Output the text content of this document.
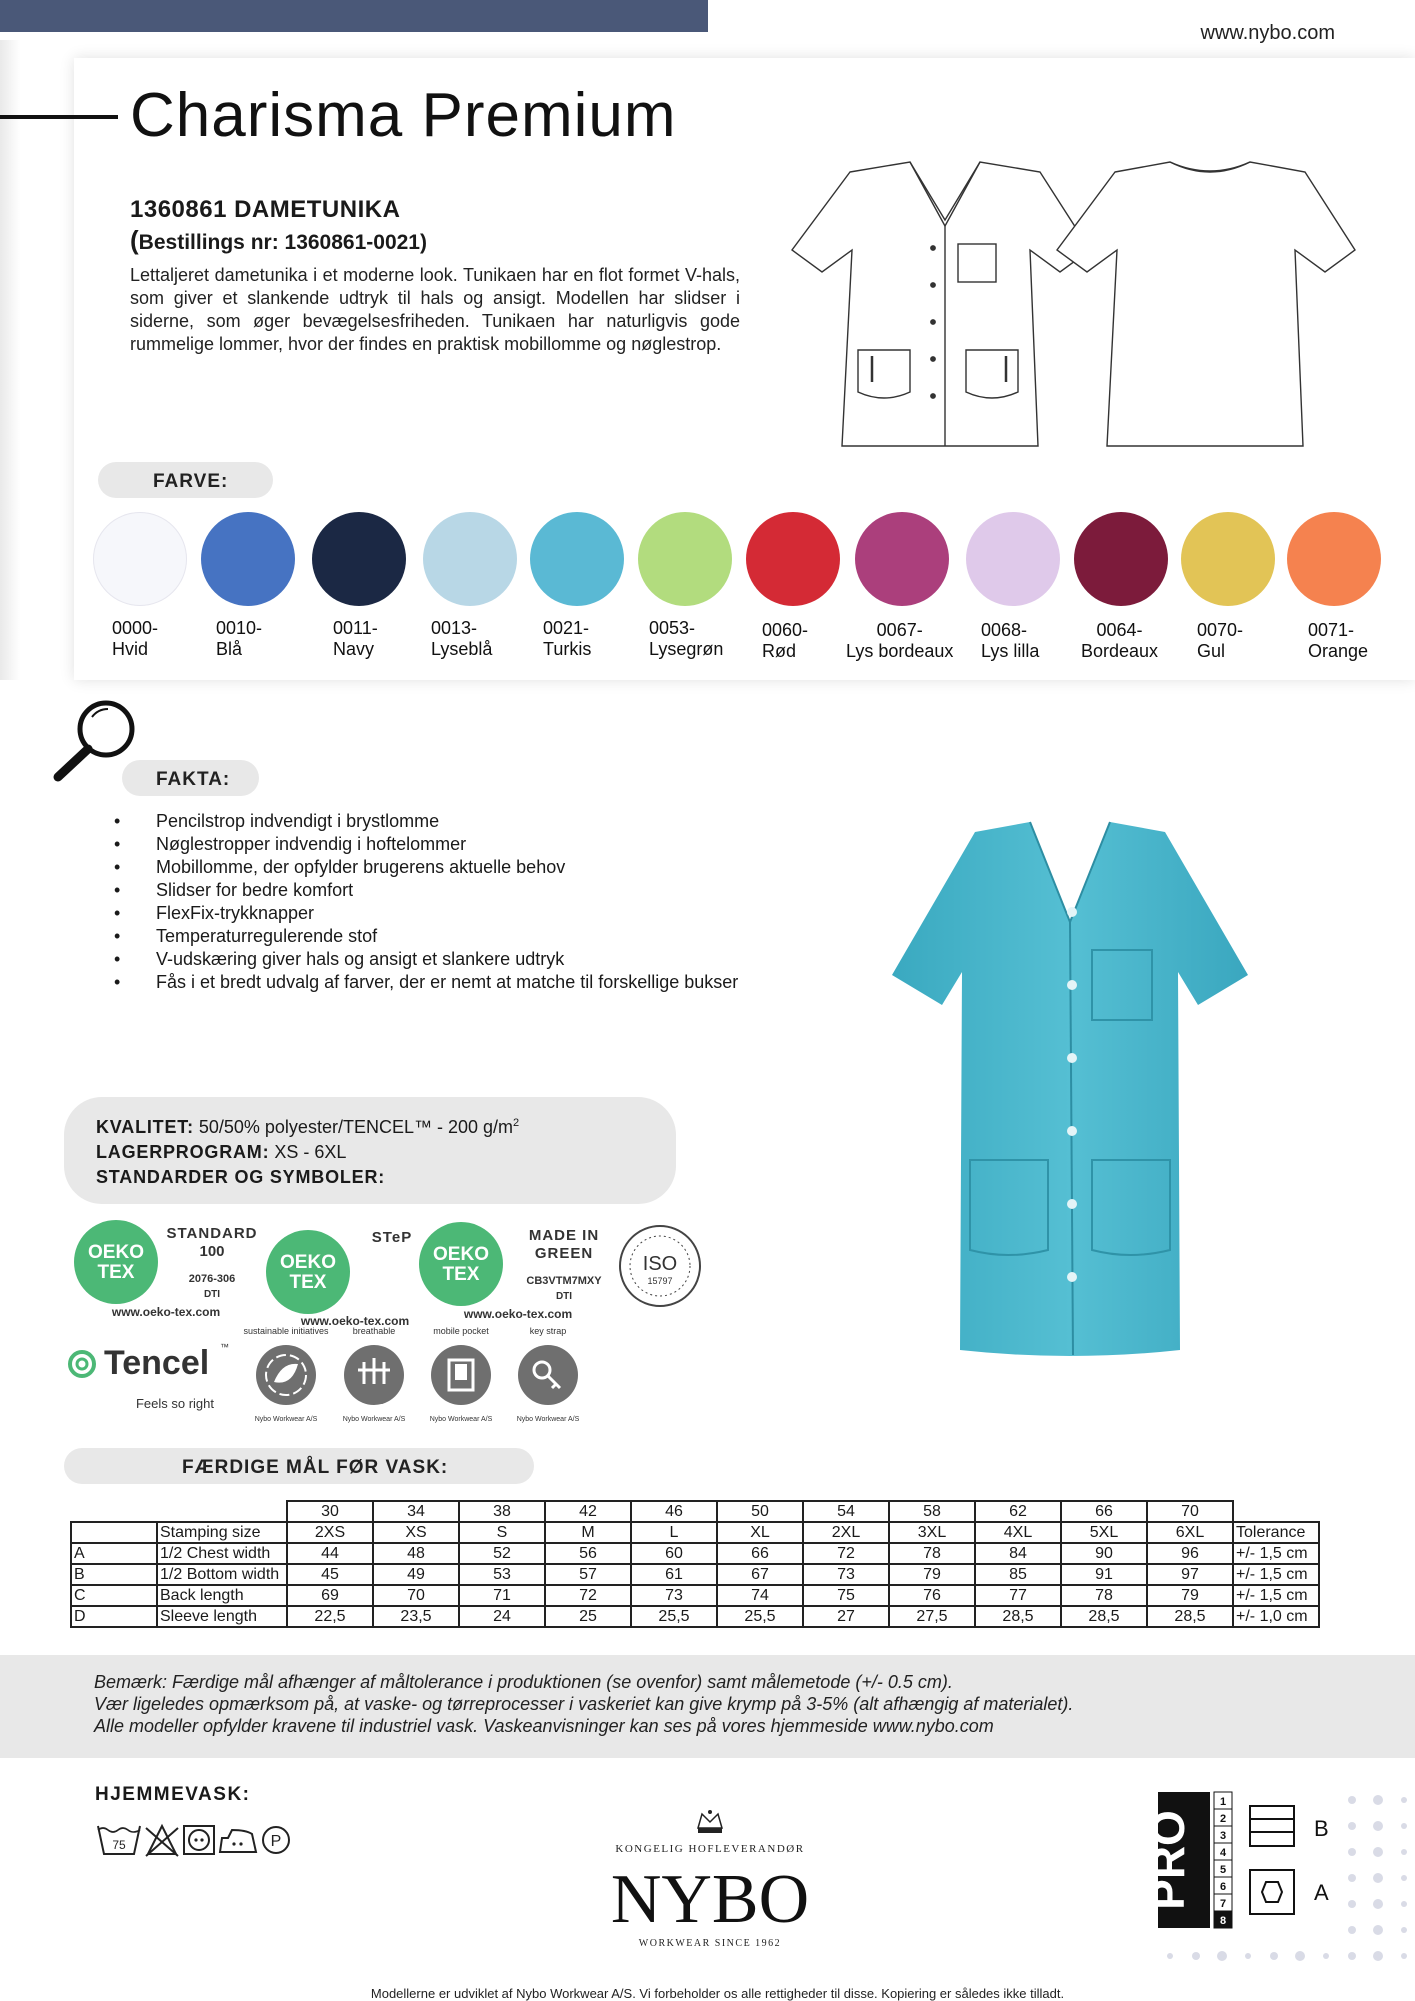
www.nybo.com
Charisma Premium
1360861 DAMETUNIKA
(Bestillings nr: 1360861-0021)

Lettaljeret dametunika i et moderne look. Tunikaen har en flot formet V-hals, som giver et slankende udtryk til hals og ansigt. Modellen har slidser i siderne, som øger bevægelsesfriheden. Tunikaen har naturligvis gode rummelige lommer, hvor der findes en praktisk mobillomme og nøglestrop.

FARVE:
0000-
Hvid
0010-
Blå
0011-
Navy
0013-
Lyseblå
0021-
Turkis
0053-
Lysegrøn
0060-
Rød
0067-
Lys bordeaux
0068-
Lys lilla
0064-
Bordeaux
0070-
Gul
0071-
Orange
FAKTA:
• Pencilstrop indvendigt i brystlomme
• Nøglestropper indvendig i hoftelommer
• Mobillomme, der opfylder brugerens aktuelle behov
• Slidser for bedre komfort
• FlexFix-trykknapper
• Temperaturregulerende stof
• V-udskæring giver hals og ansigt et slankere udtryk
• Fås i et bredt udvalg af farver, der er nemt at matche til forskellige bukser
KVALITET: 50/50% polyester/TENCEL™ - 200 $g/m^2$
LAGERPROGRAM: XS - 6XL
STANDARDER OG SYMBOLER:
OEKO
TEX
STANDARD
100
2076-306
DTI
www.oeko-tex.com
OEKO
TEX
STeP
www.oeko-tex.com
OEKO
TEX
MADE IN
GREEN
CB3VTM7MXY
DTI
www.oeko-tex.com
ISO
15797
Tencel ™
Feels so right
sustainable initiatives
Nybo Workwear A/S
breathable
Nybo Workwear A/S
mobile pocket
Nybo Workwear A/S
key strap
Nybo Workwear A/S
FÆRDIGE MÅL FØR VASK:
		30	34	38	42	46	50	54	58	62	66	70	
	Stamping size	2XS	XS	S	M	L	XL	2XL	3XL	4XL	5XL	6XL	Tolerance
A	1/2 Chest width	44	48	52	56	60	66	72	78	84	90	96	+/- 1,5 cm
B	1/2 Bottom width	45	49	53	57	61	67	73	79	85	91	97	+/- 1,5 cm
C	Back length	69	70	71	72	73	74	75	76	77	78	79	+/- 1,5 cm
D	Sleeve length	22,5	23,5	24	25	25,5	25,5	27	27,5	28,5	28,5	28,5	+/- 1,0 cm
Bemærk: Færdige mål afhænger af måltolerance i produktionen (se ovenfor) samt målemetode (+/- 0.5 cm).
Vær ligeledes opmærksom på, at vaske- og tørreprocesser i vaskeriet kan give krymp på 3-5% (alt afhængig af materialet).
Alle modeller opfylder kravene til industriel vask. Vaskeanvisninger kan ses på vores hjemmeside www.nybo.com
HJEMMEVASK:
75	P	KONGELIG HOFLEVERANDØR
NYBO
WORKWEAR SINCE 1962
PRO
1
2
3
4
5
6
7
8
B
A
Modellerne er udviklet af Nybo Workwear A/S. Vi forbeholder os alle rettigheder til disse. Kopiering er således ikke tilladt.
